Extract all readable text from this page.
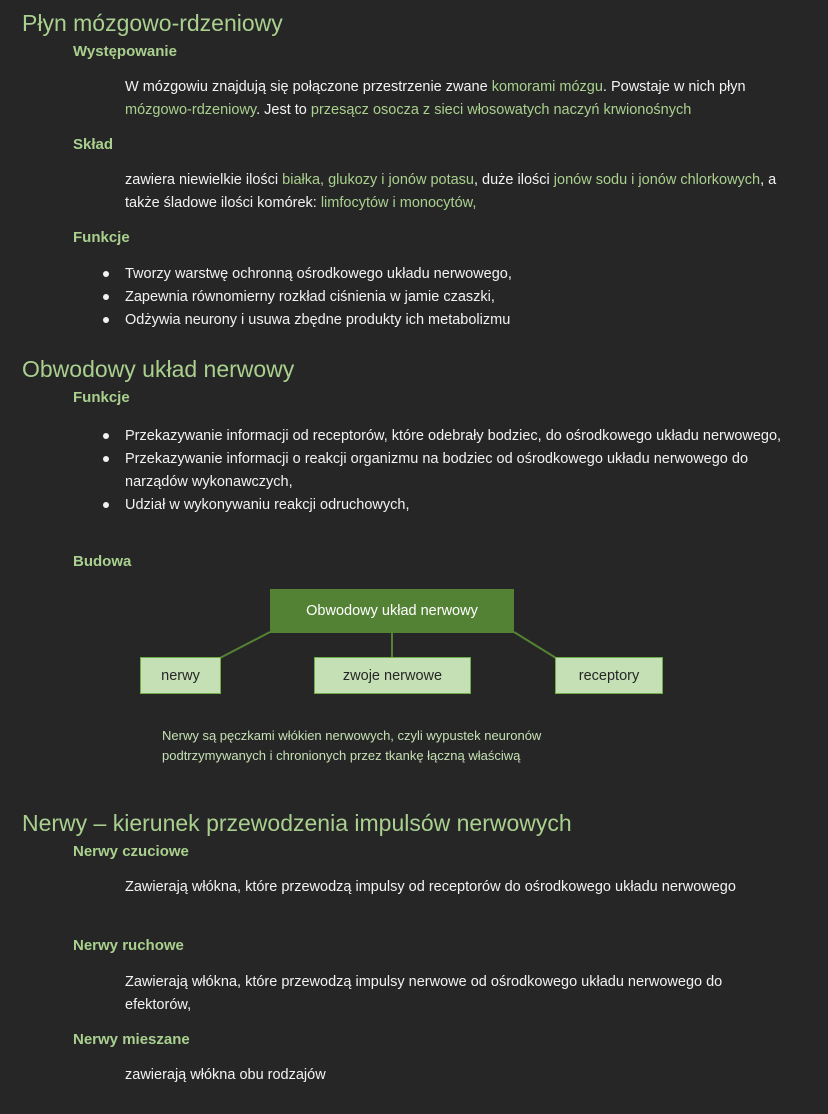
Płyn mózgowo-rdzeniowy
Występowanie

W mózgowiu znajdują się połączone przestrzenie zwane komorami mózgu. Powstaje w nich płyn mózgowo-rdzeniowy. Jest to przesącz osocza z sieci włosowatych naczyń krwionośnych

Skład

zawiera niewielkie ilości białka, glukozy i jonów potasu, duże ilości jonów sodu i jonów chlorkowych, a także śladowe ilości komórek: limfocytów i monocytów,

Funkcje
Tworzy warstwę ochronną ośrodkowego układu nerwowego,
Zapewnia równomierny rozkład ciśnienia w jamie czaszki,
Odżywia neurony i usuwa zbędne produkty ich metabolizmu
Obwodowy układ nerwowy
Funkcje
Przekazywanie informacji od receptorów, które odebrały bodziec, do ośrodkowego układu nerwowego,
Przekazywanie informacji o reakcji organizmu na bodziec od ośrodkowego układu nerwowego do narządów wykonawczych,
Udział w wykonywaniu reakcji odruchowych,
Budowa
Obwodowy układ nerwowy
nerwy	zwoje nerwowe	receptory

Nerwy są pęczkami włókien nerwowych, czyli wypustek neuronów podtrzymywanych i chronionych przez tkankę łączną właściwą

Nerwy – kierunek przewodzenia impulsów nerwowych
Nerwy czuciowe

Zawierają włókna, które przewodzą impulsy od receptorów do ośrodkowego układu nerwowego

Nerwy ruchowe

Zawierają włókna, które przewodzą impulsy nerwowe od ośrodkowego układu nerwowego do efektorów,

Nerwy mieszane

zawierają włókna obu rodzajów
